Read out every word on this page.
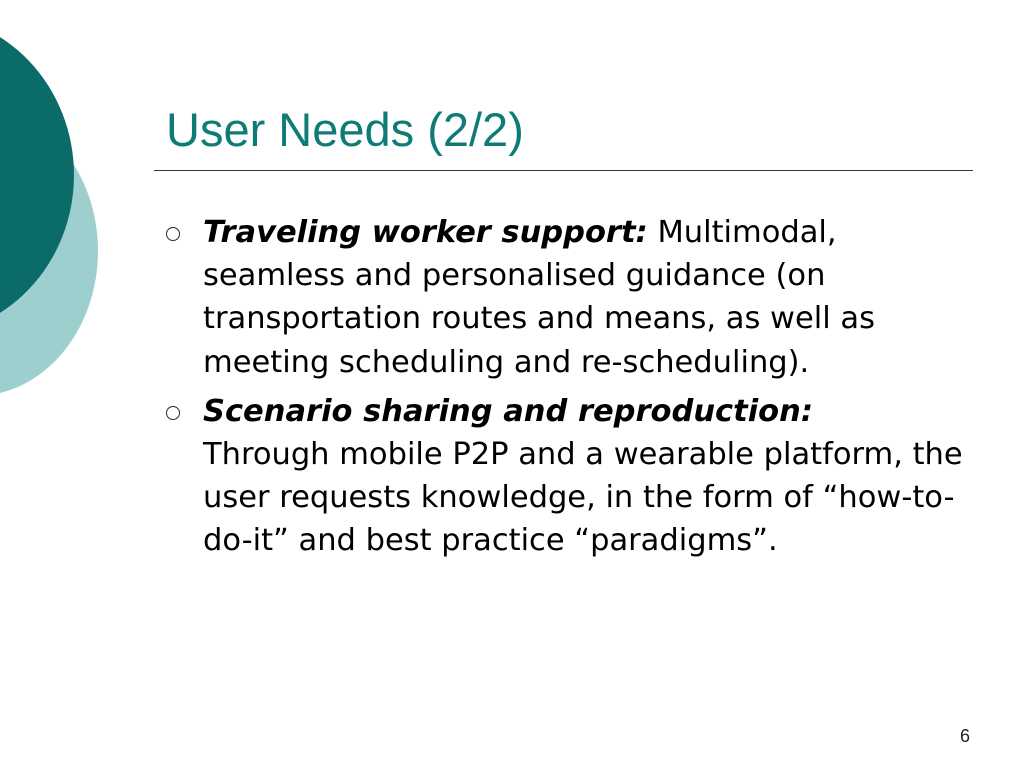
User Needs (2/2)
Traveling worker support: Multimodal, seamless and personalised guidance (on transportation routes and means, as well as meeting scheduling and re-scheduling).
Scenario sharing and reproduction:
Through mobile P2P and a wearable platform, the user requests knowledge, in the form of “how-to-do-it” and best practice “paradigms”.
6
